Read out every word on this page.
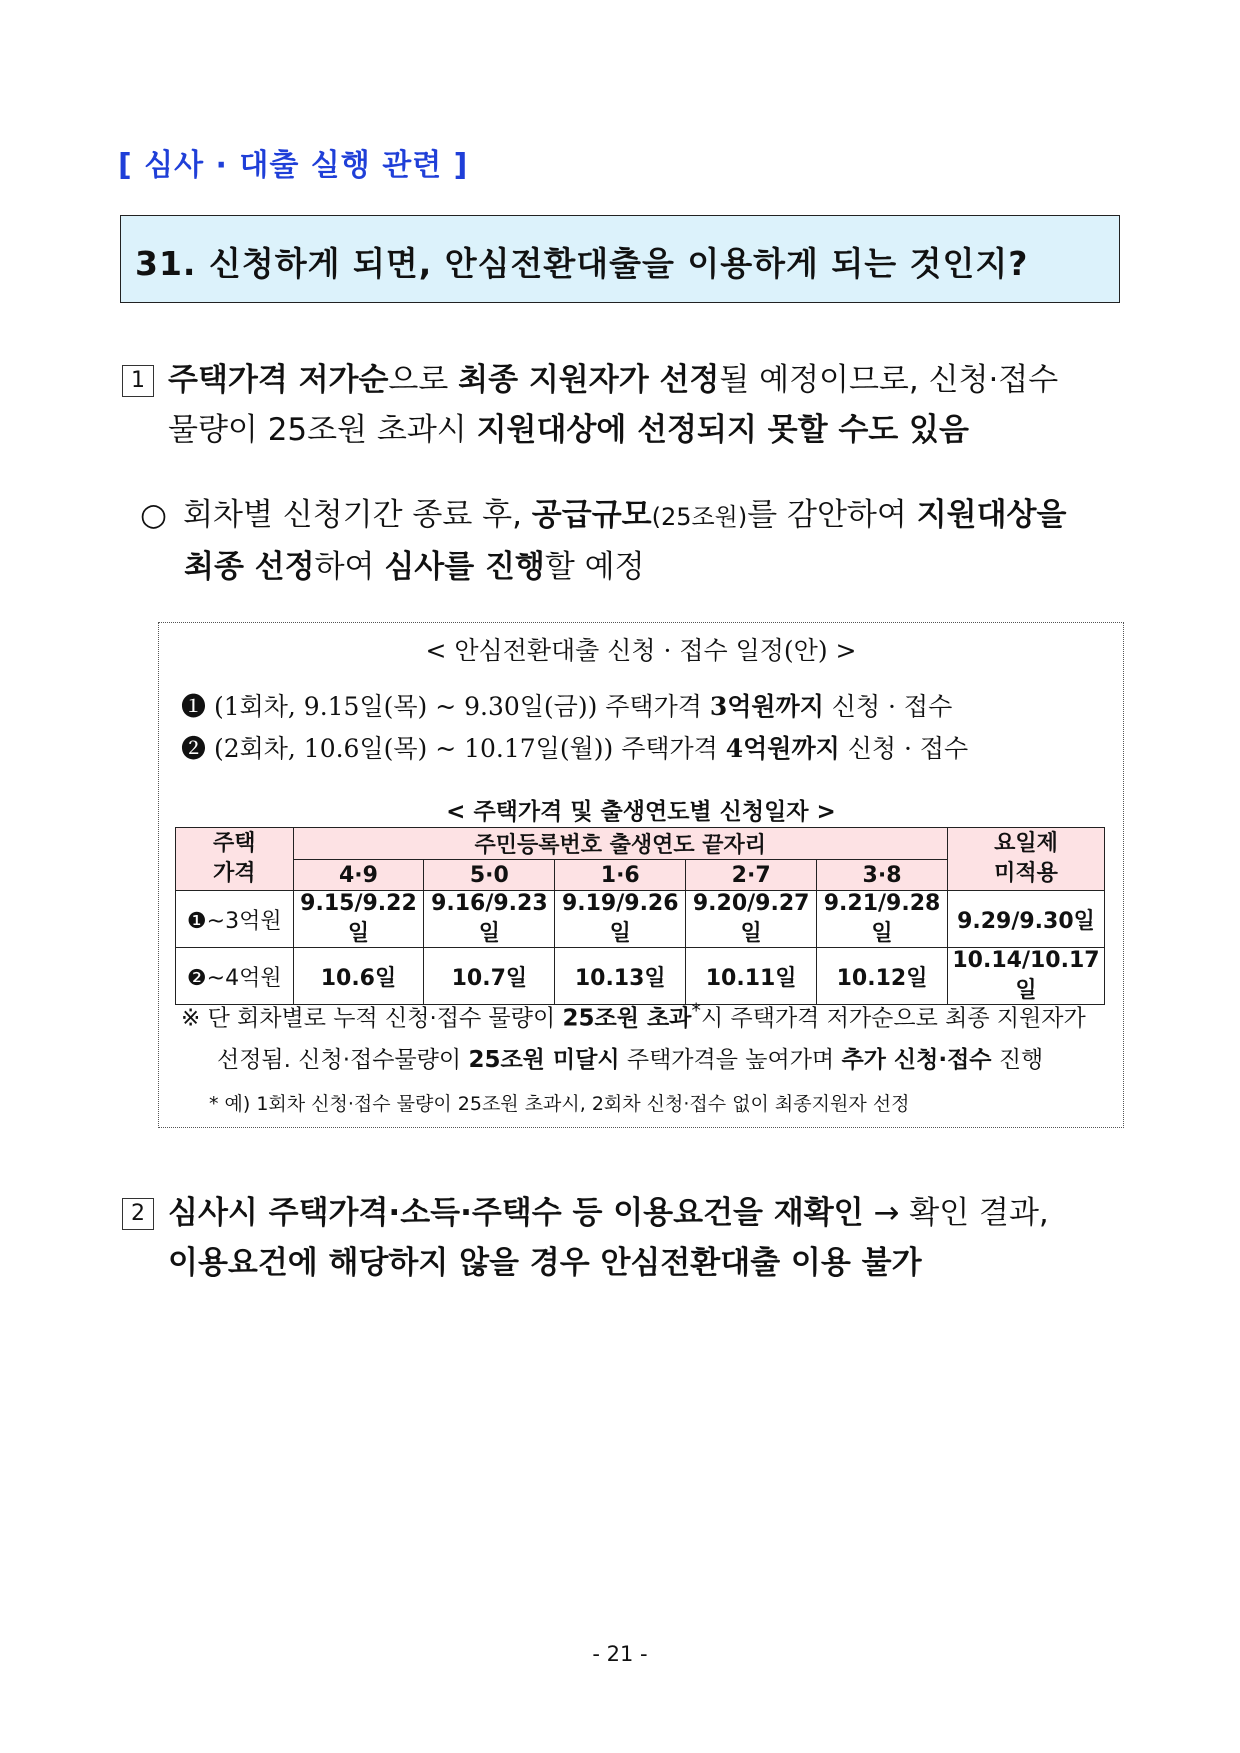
[ 심사 · 대출 실행 관련 ]
31. 신청하게 되면, 안심전환대출을 이용하게 되는 것인지?
1 주택가격 저가순으로 최종 지원자가 선정될 예정이므로, 신청·접수
물량이 25조원 초과시 지원대상에 선정되지 못할 수도 있음
○ 회차별 신청기간 종료 후, 공급규모(25조원)를 감안하여 지원대상을
최종 선정하여 심사를 진행할 예정
< 안심전환대출 신청 · 접수 일정(안) >
❶ (1회차, 9.15일(목) ~ 9.30일(금)) 주택가격 3억원까지 신청 · 접수
❷ (2회차, 10.6일(목) ~ 10.17일(월)) 주택가격 4억원까지 신청 · 접수
< 주택가격 및 출생연도별 신청일자 >
주택
가격	주민등록번호 출생연도 끝자리					요일제
미적용
	4·9	5·0	1·6	2·7	3·8	
❶~3억원	9.15/9.22일	9.16/9.23일	9.19/9.26일	9.20/9.27일	9.21/9.28일	9.29/9.30일
❷~4억원	10.6일	10.7일	10.13일	10.11일	10.12일	10.14/10.17일
※ 단 회차별로 누적 신청·접수 물량이 25조원 초과*시 주택가격 저가순으로 최종 지원자가
선정됨. 신청·접수물량이 25조원 미달시 주택가격을 높여가며 추가 신청·접수 진행
* 예) 1회차 신청·접수 물량이 25조원 초과시, 2회차 신청·접수 없이 최종지원자 선정
2 심사시 주택가격·소득·주택수 등 이용요건을 재확인 → 확인 결과,
이용요건에 해당하지 않을 경우 안심전환대출 이용 불가
- 21 -
